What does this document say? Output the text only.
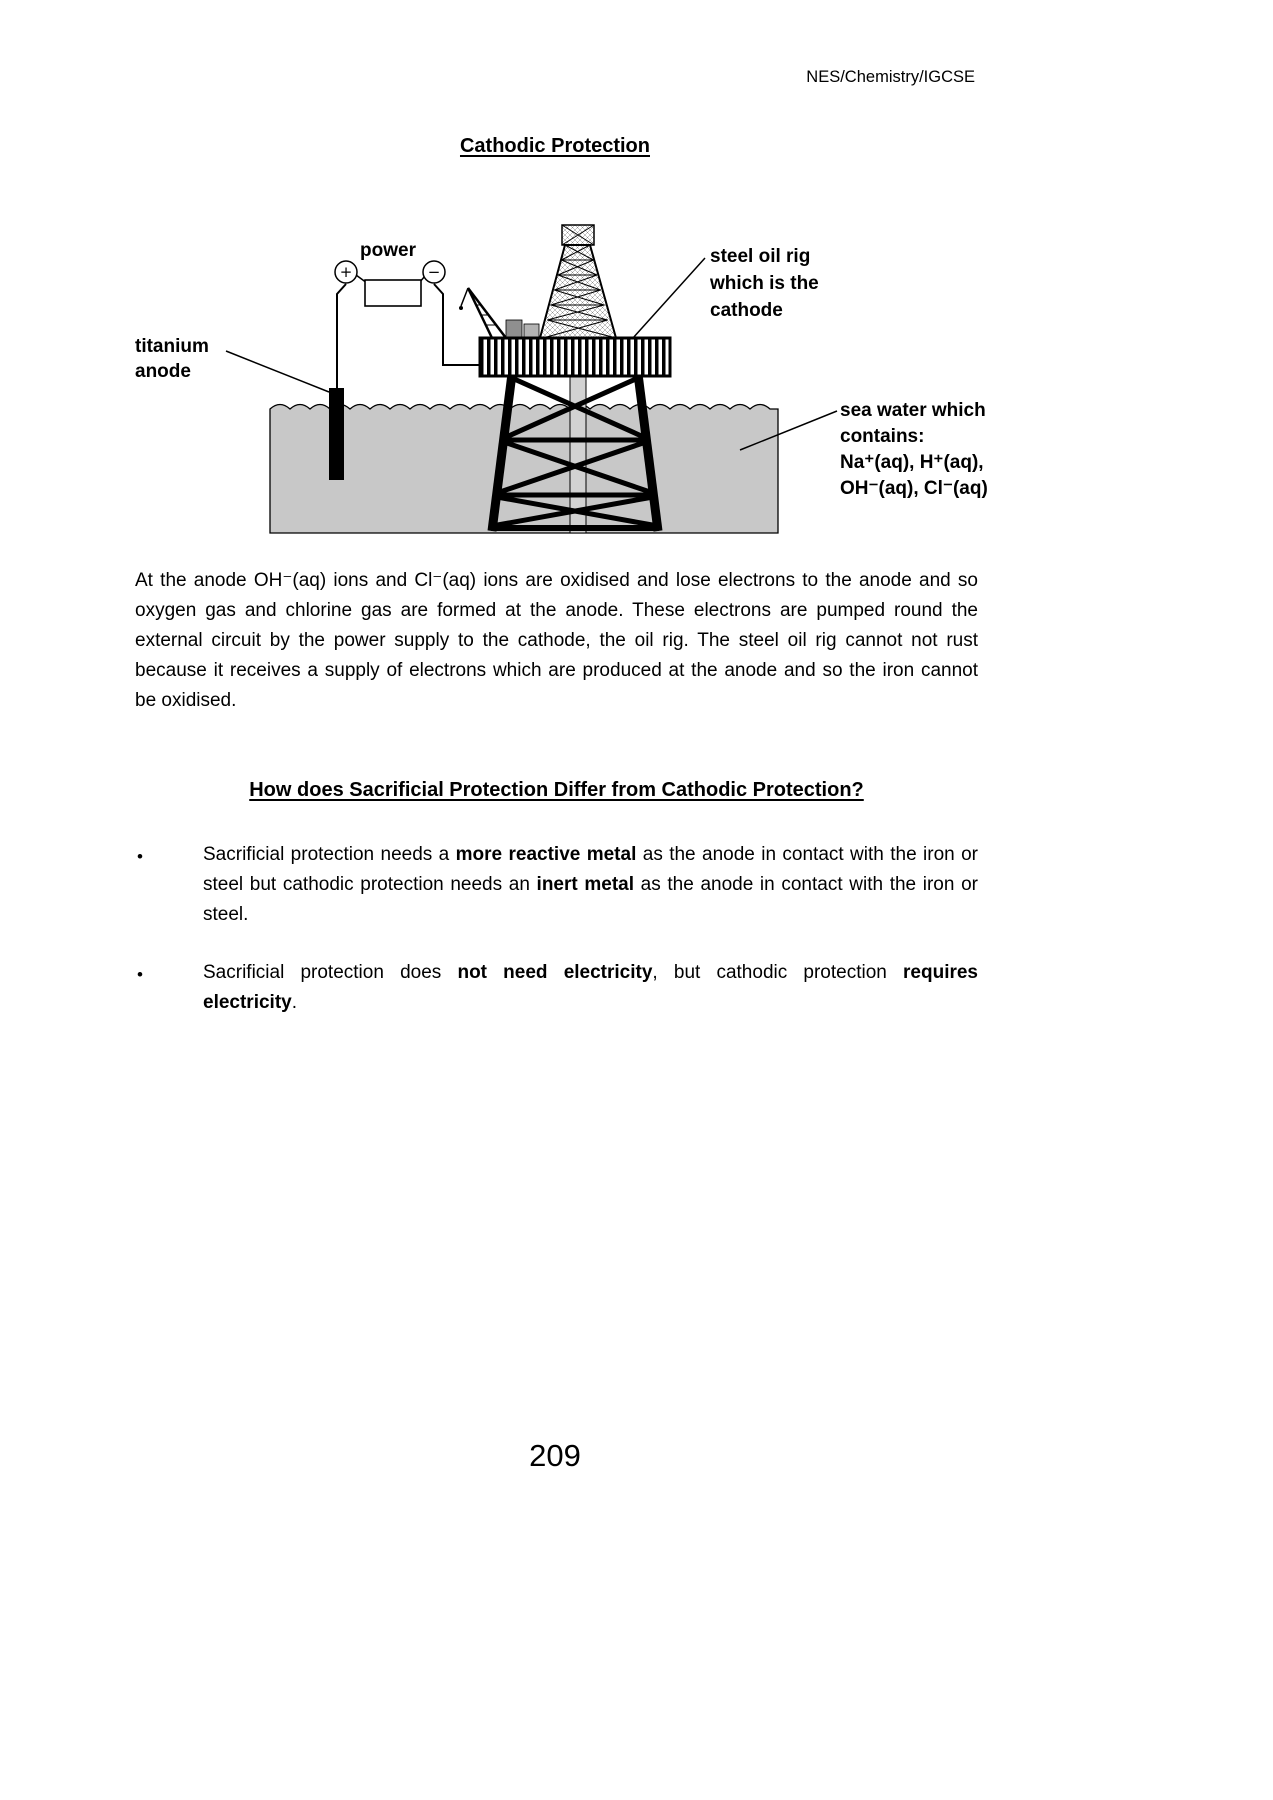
NES/Chemistry/IGCSE
Cathodic Protection
+	−
power
titanium
anode
steel oil rig
which is the
cathode
sea water which
contains:
Na⁺(aq), H⁺(aq),
OH⁻(aq), Cl⁻(aq)

At the anode OH⁻(aq) ions and Cl⁻(aq) ions are oxidised and lose electrons to the anode and so oxygen gas and chlorine gas are formed at the anode. These electrons are pumped round the external circuit by the power supply to the cathode, the oil rig. The steel oil rig cannot not rust because it receives a supply of electrons which are produced at the anode and so the iron cannot be oxidised.

How does Sacrificial Protection Differ from Cathodic Protection?
•	Sacrificial protection needs a more reactive metal as the anode in contact with the iron or steel but cathodic protection needs an inert metal as the anode in contact with the iron or steel.
•	Sacrificial protection does not need electricity, but cathodic protection requires electricity.
209
